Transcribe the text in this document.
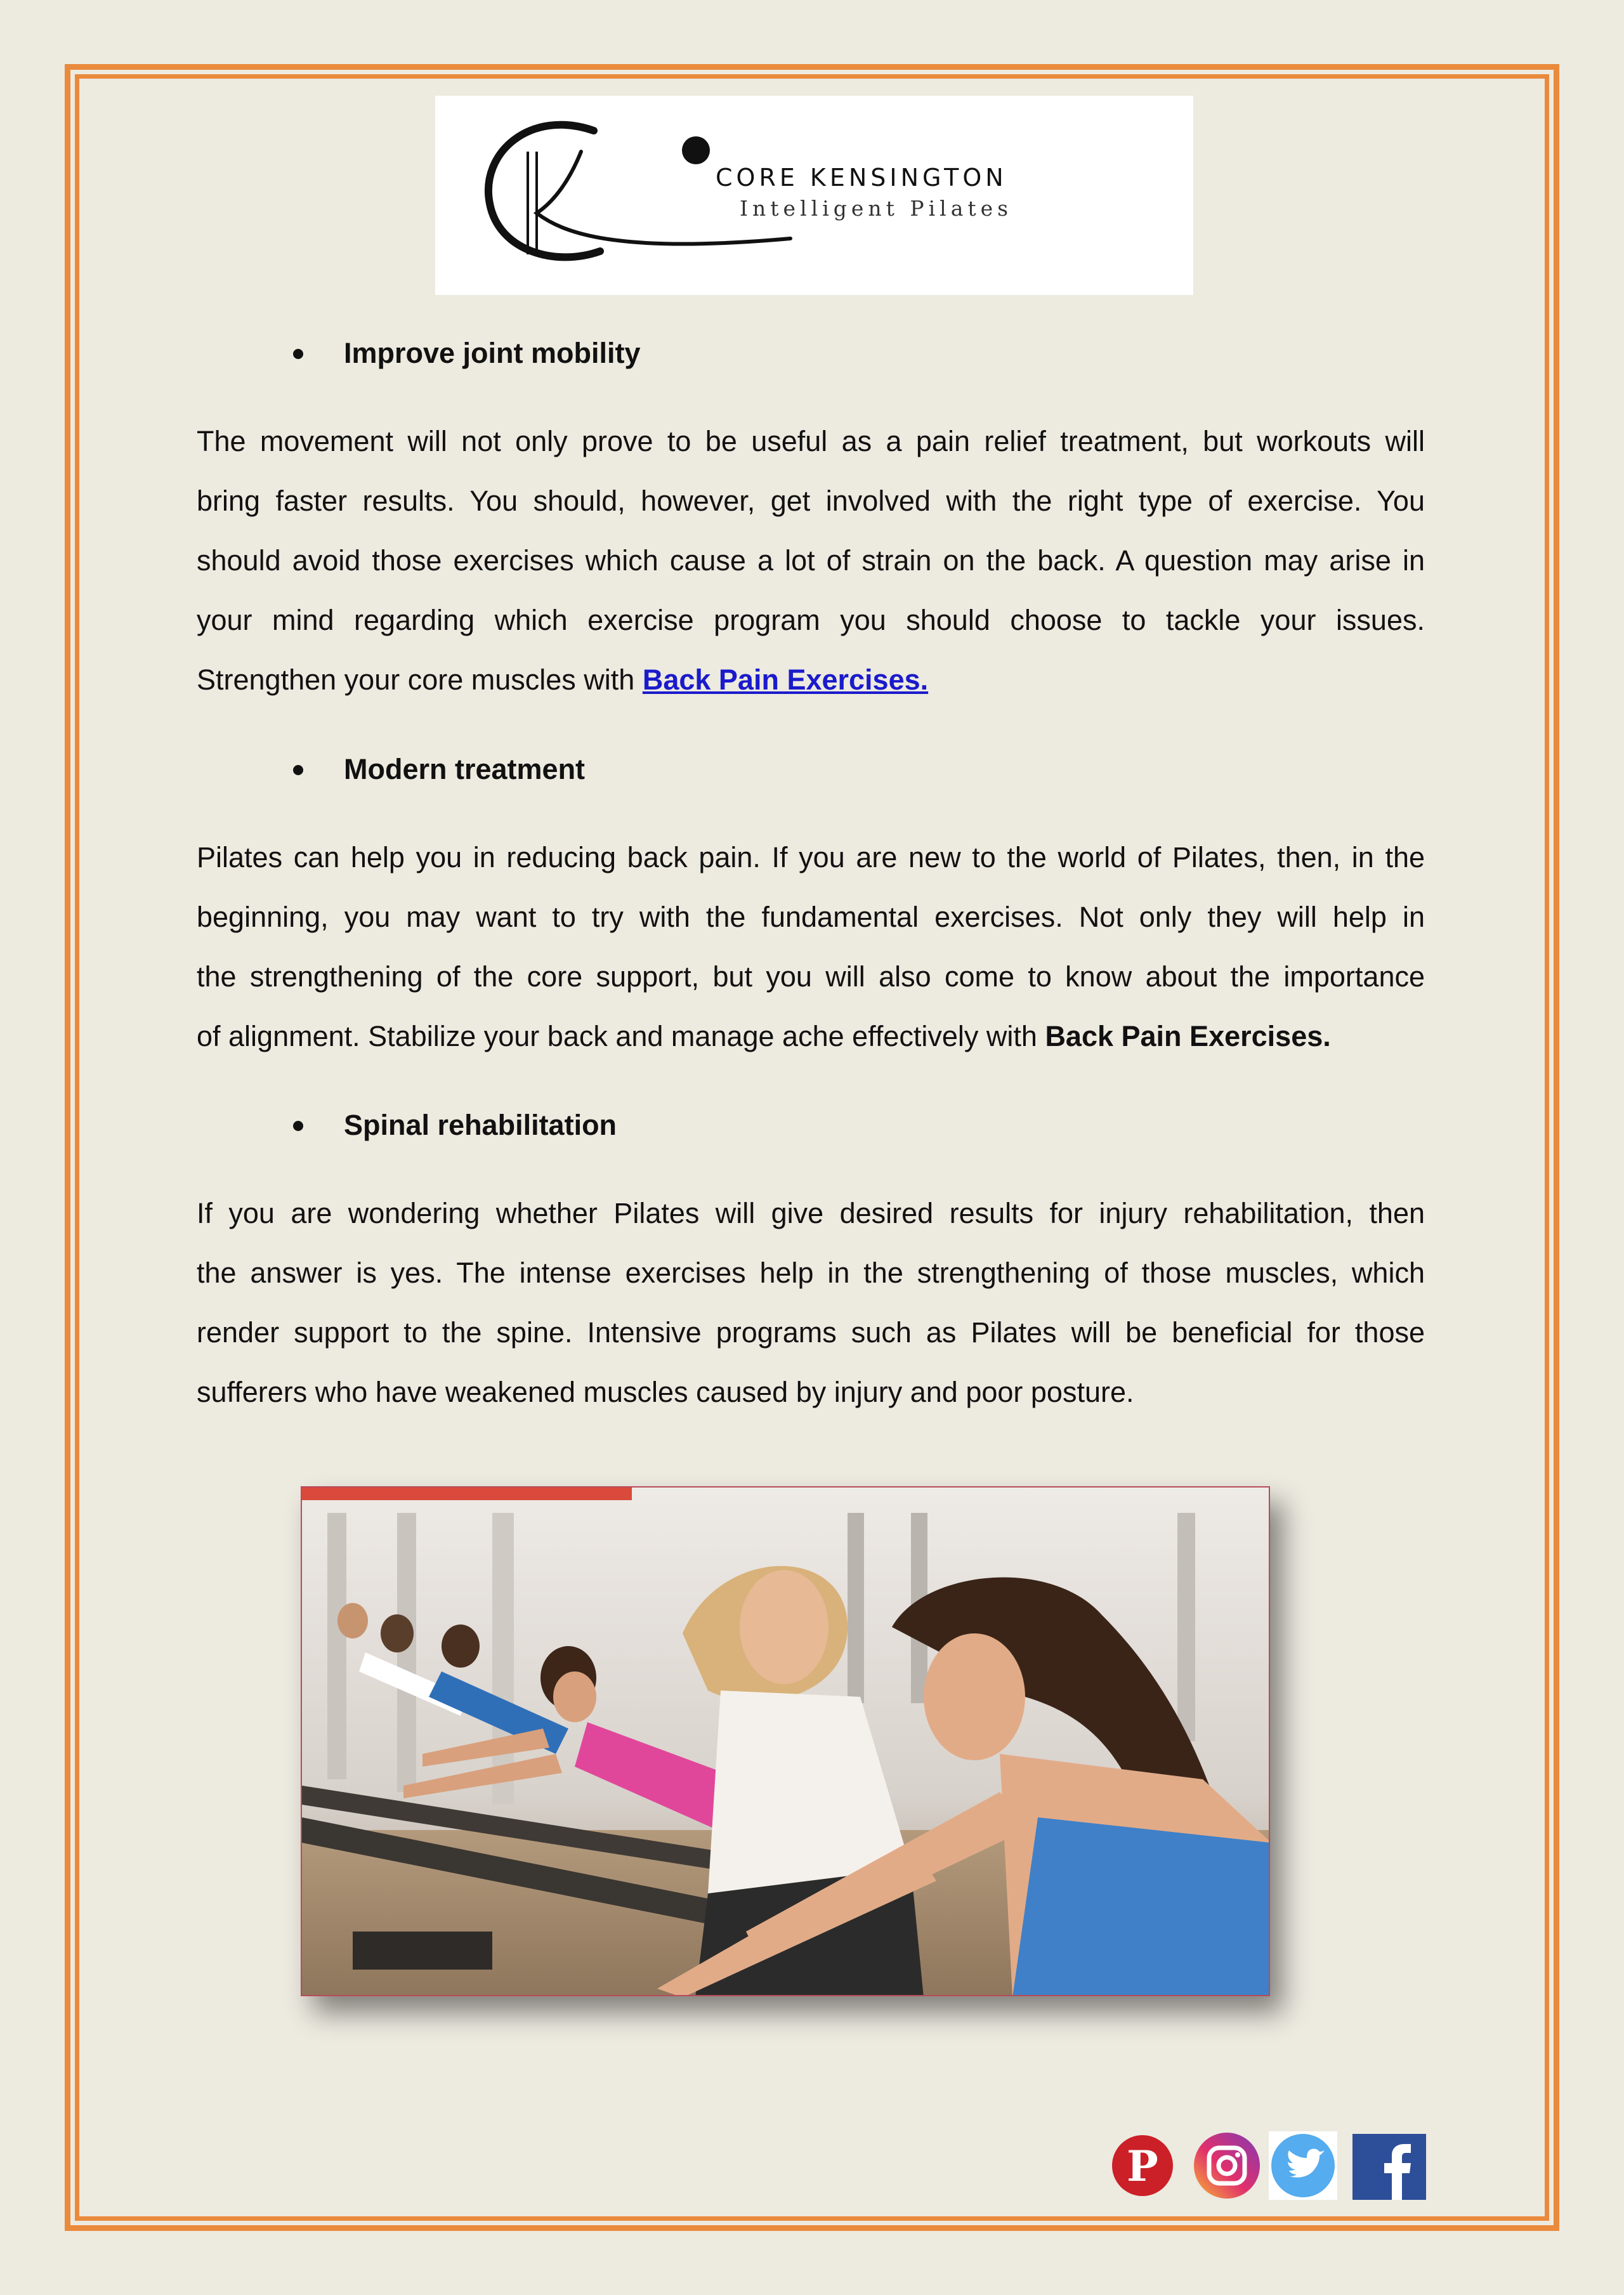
CORE KENSINGTON
Intelligent Pilates
Improve joint mobility
The movement will not only prove to be useful as a pain relief treatment, but workouts will
bring faster results. You should, however, get involved with the right type of exercise. You
should avoid those exercises which cause a lot of strain on the back. A question may arise in
your mind regarding which exercise program you should choose to tackle your issues.
Strengthen your core muscles with Back Pain Exercises.
Modern treatment
Pilates can help you in reducing back pain. If you are new to the world of Pilates, then, in the
beginning, you may want to try with the fundamental exercises. Not only they will help in
the strengthening of the core support, but you will also come to know about the importance
of alignment. Stabilize your back and manage ache effectively with Back Pain Exercises.
Spinal rehabilitation
If you are wondering whether Pilates will give desired results for injury rehabilitation, then
the answer is yes. The intense exercises help in the strengthening of those muscles, which
render support to the spine. Intensive programs such as Pilates will be beneficial for those
sufferers who have weakened muscles caused by injury and poor posture.
P
